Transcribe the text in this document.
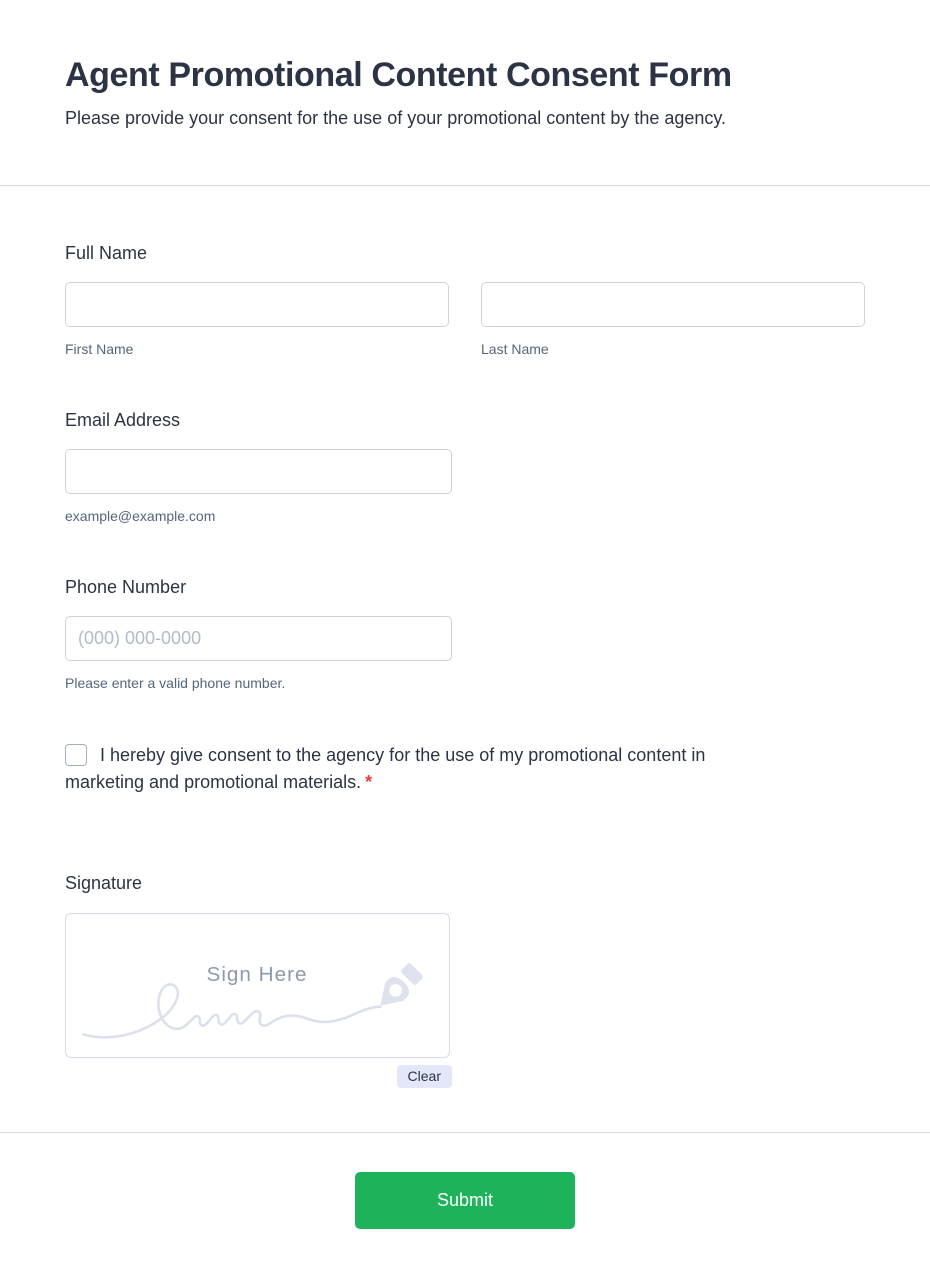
Agent Promotional Content Consent Form

Please provide your consent for the use of your promotional content by the agency.

Full Name
First Name	Last Name
Email Address
example@example.com
Phone Number
(000) 000-0000
Please enter a valid phone number.
I hereby give consent to the agency for the use of my promotional content in marketing and promotional materials. *
Signature
Sign Here
Clear
Submit
